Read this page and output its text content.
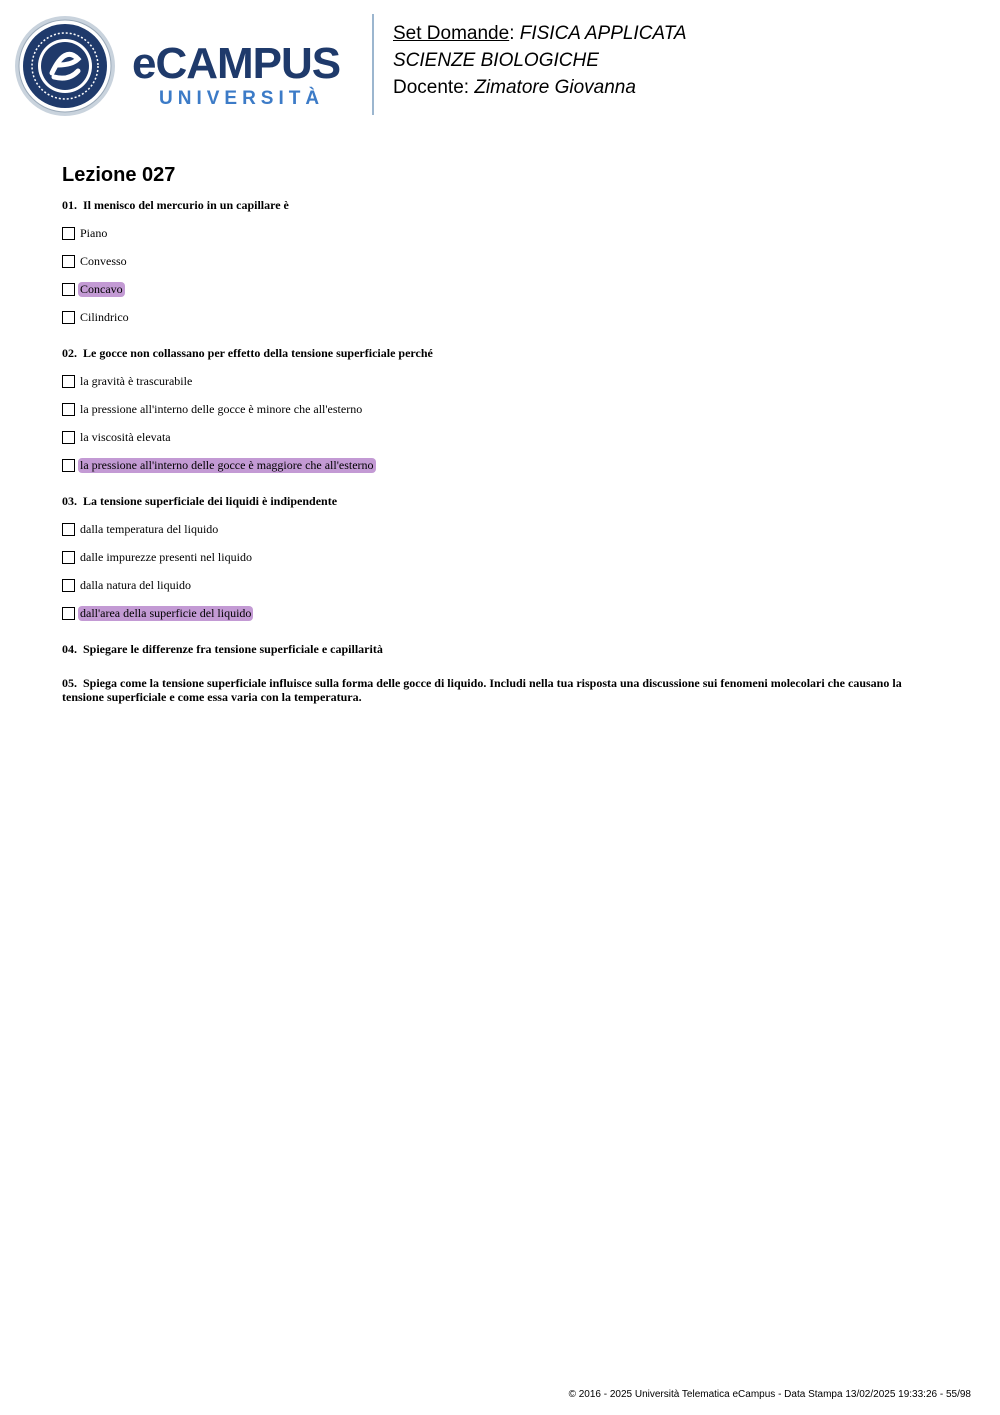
eCAMPUS
UNIVERSITÀ
Set Domande: FISICA APPLICATA
SCIENZE BIOLOGICHE
Docente: Zimatore Giovanna
Lezione 027
01. Il menisco del mercurio in un capillare è
Piano
Convesso
Concavo
Cilindrico
02. Le gocce non collassano per effetto della tensione superficiale perché
la gravità è trascurabile
la pressione all'interno delle gocce è minore che all'esterno
la viscosità elevata
la pressione all'interno delle gocce è maggiore che all'esterno
03. La tensione superficiale dei liquidi è indipendente
dalla temperatura del liquido
dalle impurezze presenti nel liquido
dalla natura del liquido
dall'area della superficie del liquido
04. Spiegare le differenze fra tensione superficiale e capillarità
05. Spiega come la tensione superficiale influisce sulla forma delle gocce di liquido. Includi nella tua risposta una discussione sui fenomeni molecolari che causano la tensione superficiale e come essa varia con la temperatura.
© 2016 - 2025 Università Telematica eCampus - Data Stampa 13/02/2025 19:33:26 - 55/98
